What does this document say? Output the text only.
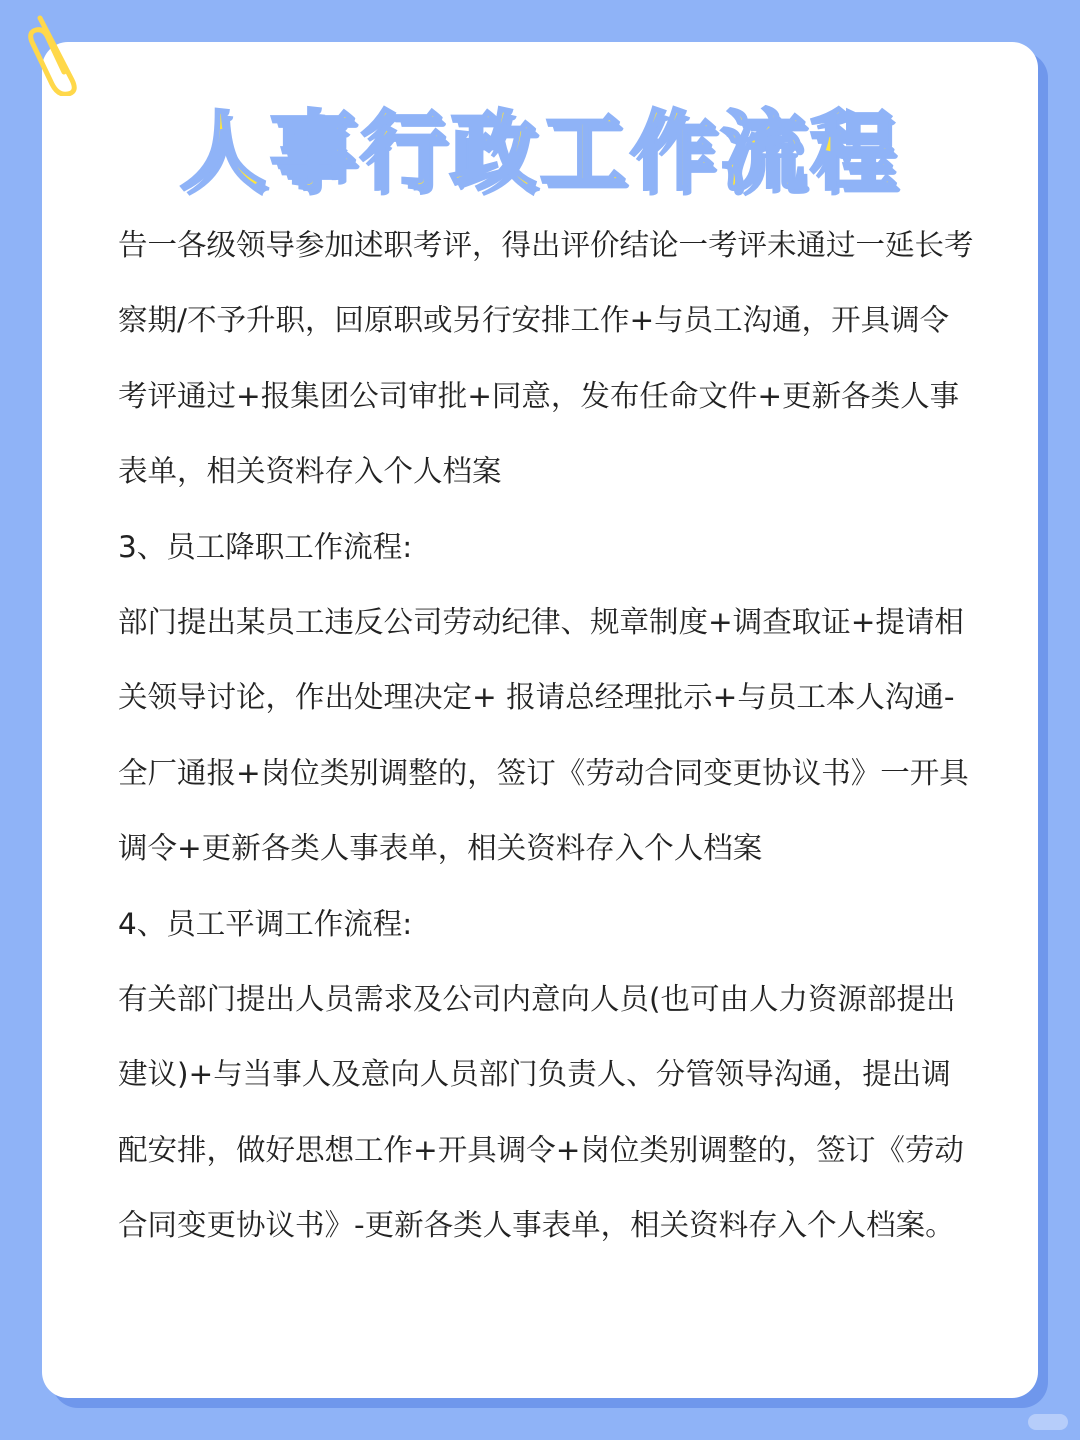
人事行政工作流程

告一各级领导参加述职考评，得出评价结论一考评未通过一延长考察期/不予升职，回原职或另行安排工作+与员工沟通，开具调令考评通过+报集团公司审批+同意，发布任命文件+更新各类人事表单，相关资料存入个人档案

3、员工降职工作流程:

部门提出某员工违反公司劳动纪律、规章制度+调查取证+提请相关领导讨论，作出处理决定+ 报请总经理批示+与员工本人沟通-全厂通报+岗位类别调整的，签订《劳动合同变更协议书》一开具调令+更新各类人事表单，相关资料存入个人档案

4、员工平调工作流程:

有关部门提出人员需求及公司内意向人员(也可由人力资源部提出建议)+与当事人及意向人员部门负责人、分管领导沟通，提出调配安排，做好思想工作+开具调令+岗位类别调整的，签订《劳动合同变更协议书》-更新各类人事表单，相关资料存入个人档案。
